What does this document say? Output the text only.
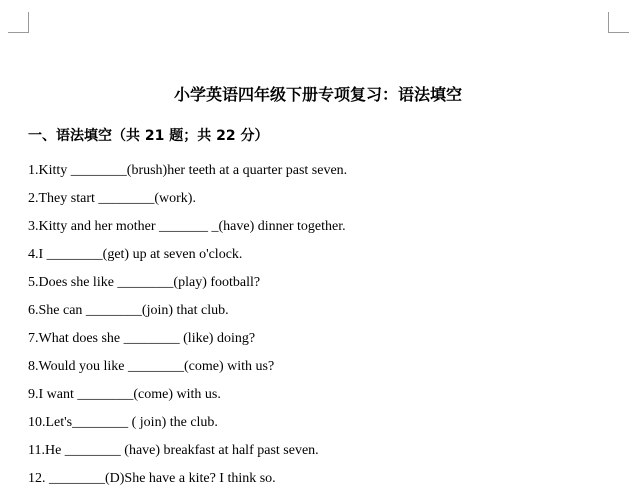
小学英语四年级下册专项复习：语法填空
一、语法填空（共 21 题；共 22 分）
1.Kitty ________(brush)her teeth at a quarter past seven.
2.They start ________(work).
3.Kitty and her mother _______ _(have) dinner together.
4.I ________(get) up at seven o'clock.
5.Does she like ________(play) football?
6.She can ________(join) that club.
7.What does she ________ (like) doing?
8.Would you like ________(come) with us?
9.I want ________(come) with us.
10.Let's________ ( join) the club.
11.He ________ (have) breakfast at half past seven.
12. ________(D)She have a kite? I think so.
